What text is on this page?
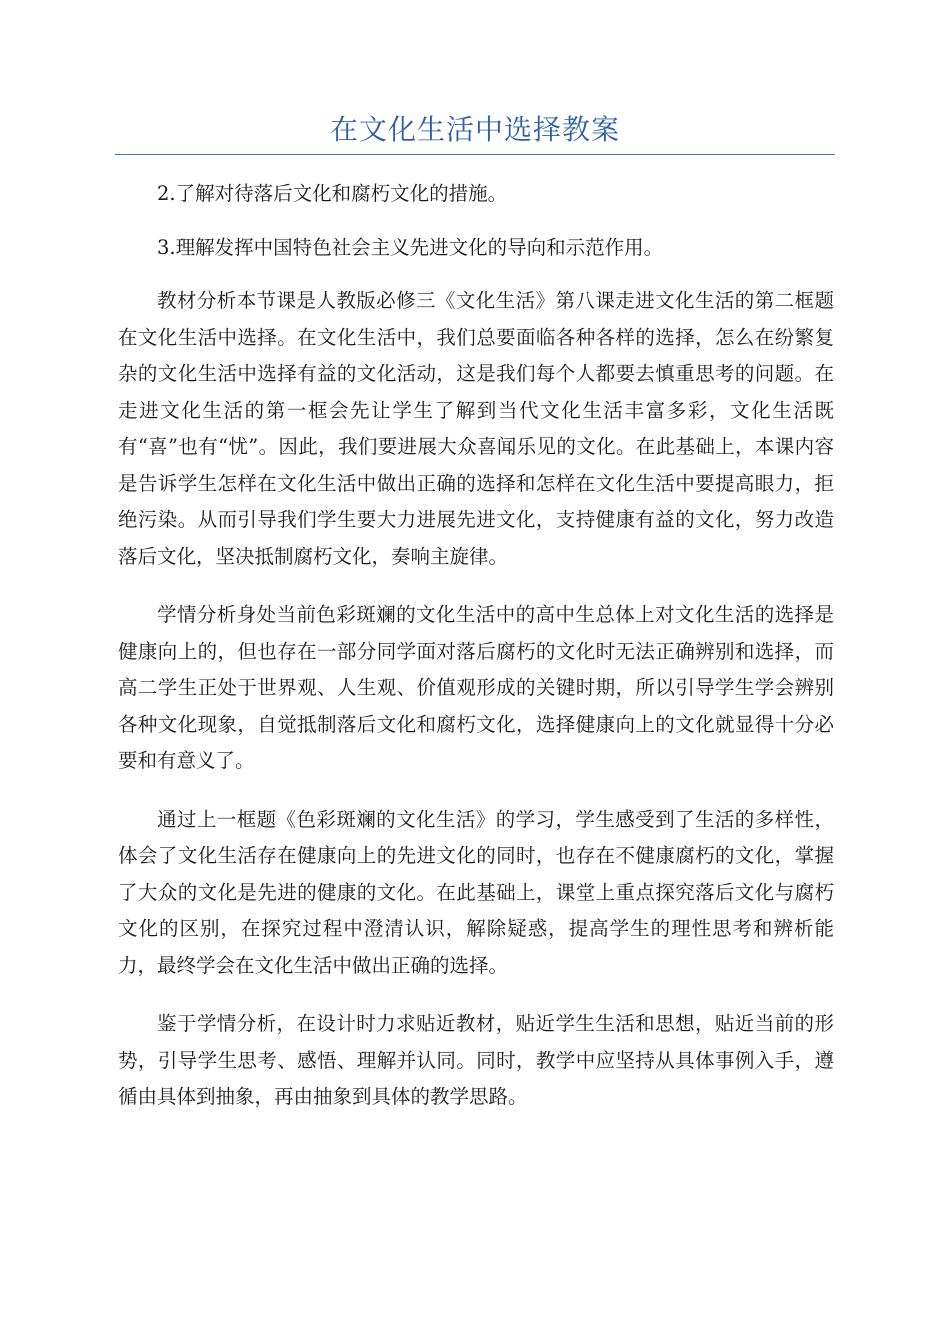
在文化生活中选择教案

2.了解对待落后文化和腐朽文化的措施。

3.理解发挥中国特色社会主义先进文化的导向和示范作用。

教材分析本节课是人教版必修三《文化生活》第八课走进文化生活的第二框题在文化生活中选择。在文化生活中，我们总要面临各种各样的选择，怎么在纷繁复杂的文化生活中选择有益的文化活动，这是我们每个人都要去慎重思考的问题。在走进文化生活的第一框会先让学生了解到当代文化生活丰富多彩，文化生活既有“喜”也有“忧”。因此，我们要进展大众喜闻乐见的文化。在此基础上，本课内容是告诉学生怎样在文化生活中做出正确的选择和怎样在文化生活中要提高眼力，拒绝污染。从而引导我们学生要大力进展先进文化，支持健康有益的文化，努力改造落后文化，坚决抵制腐朽文化，奏响主旋律。

学情分析身处当前色彩斑斓的文化生活中的高中生总体上对文化生活的选择是健康向上的，但也存在一部分同学面对落后腐朽的文化时无法正确辨别和选择，而高二学生正处于世界观、人生观、价值观形成的关键时期，所以引导学生学会辨别各种文化现象，自觉抵制落后文化和腐朽文化，选择健康向上的文化就显得十分必要和有意义了。

通过上一框题《色彩斑斓的文化生活》的学习，学生感受到了生活的多样性，体会了文化生活存在健康向上的先进文化的同时，也存在不健康腐朽的文化，掌握了大众的文化是先进的健康的文化。在此基础上，课堂上重点探究落后文化与腐朽文化的区别，在探究过程中澄清认识，解除疑惑，提高学生的理性思考和辨析能力，最终学会在文化生活中做出正确的选择。

鉴于学情分析，在设计时力求贴近教材，贴近学生生活和思想，贴近当前的形势，引导学生思考、感悟、理解并认同。同时，教学中应坚持从具体事例入手，遵循由具体到抽象，再由抽象到具体的教学思路。
